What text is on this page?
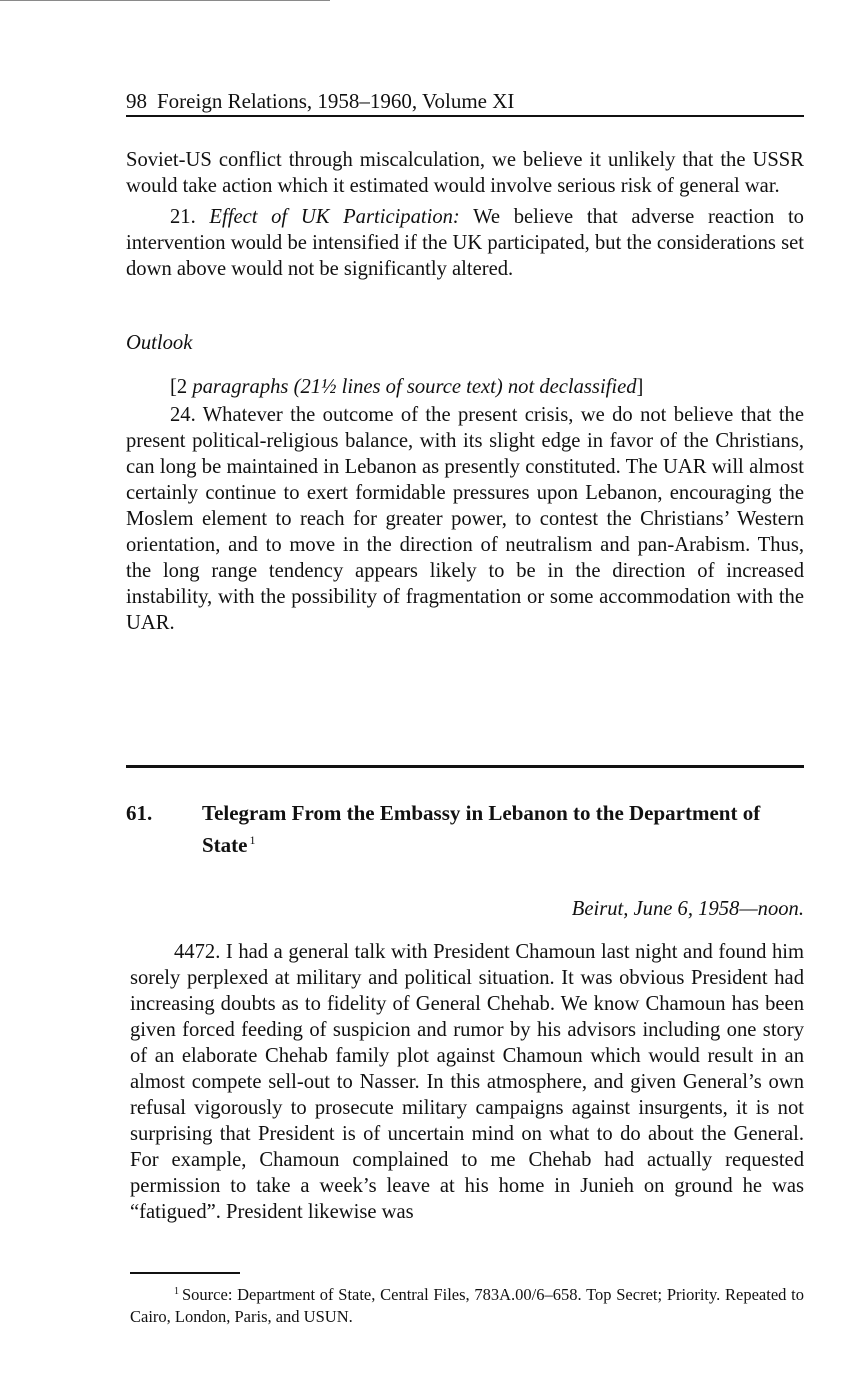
98 Foreign Relations, 1958–1960, Volume XI

Soviet-US conflict through miscalculation, we believe it unlikely that the USSR would take action which it estimated would involve serious risk of general war.

21. Effect of UK Participation: We believe that adverse reaction to intervention would be intensified if the UK participated, but the considerations set down above would not be significantly altered.

Outlook
[2 paragraphs (21½ lines of source text) not declassified]

24. Whatever the outcome of the present crisis, we do not believe that the present political-religious balance, with its slight edge in favor of the Christians, can long be maintained in Lebanon as presently constituted. The UAR will almost certainly continue to exert formidable pressures upon Lebanon, encouraging the Moslem element to reach for greater power, to contest the Christians’ Western orientation, and to move in the direction of neutralism and pan-Arabism. Thus, the long range tendency appears likely to be in the direction of increased instability, with the possibility of fragmentation or some accommodation with the UAR.

61. Telegram From the Embassy in Lebanon to the Department of State $^1$
Beirut, June 6, 1958—noon.

4472. I had a general talk with President Chamoun last night and found him sorely perplexed at military and political situation. It was obvious President had increasing doubts as to fidelity of General Chehab. We know Chamoun has been given forced feeding of suspicion and rumor by his advisors including one story of an elaborate Chehab family plot against Chamoun which would result in an almost compete sell-out to Nasser. In this atmosphere, and given General’s own refusal vigorously to prosecute military campaigns against insurgents, it is not surprising that President is of uncertain mind on what to do about the General. For example, Chamoun complained to me Chehab had actually requested permission to take a week’s leave at his home in Junieh on ground he was “fatigued”. President likewise was

$^1$ Source: Department of State, Central Files, 783A.00/6–658. Top Secret; Priority. Repeated to Cairo, London, Paris, and USUN.
